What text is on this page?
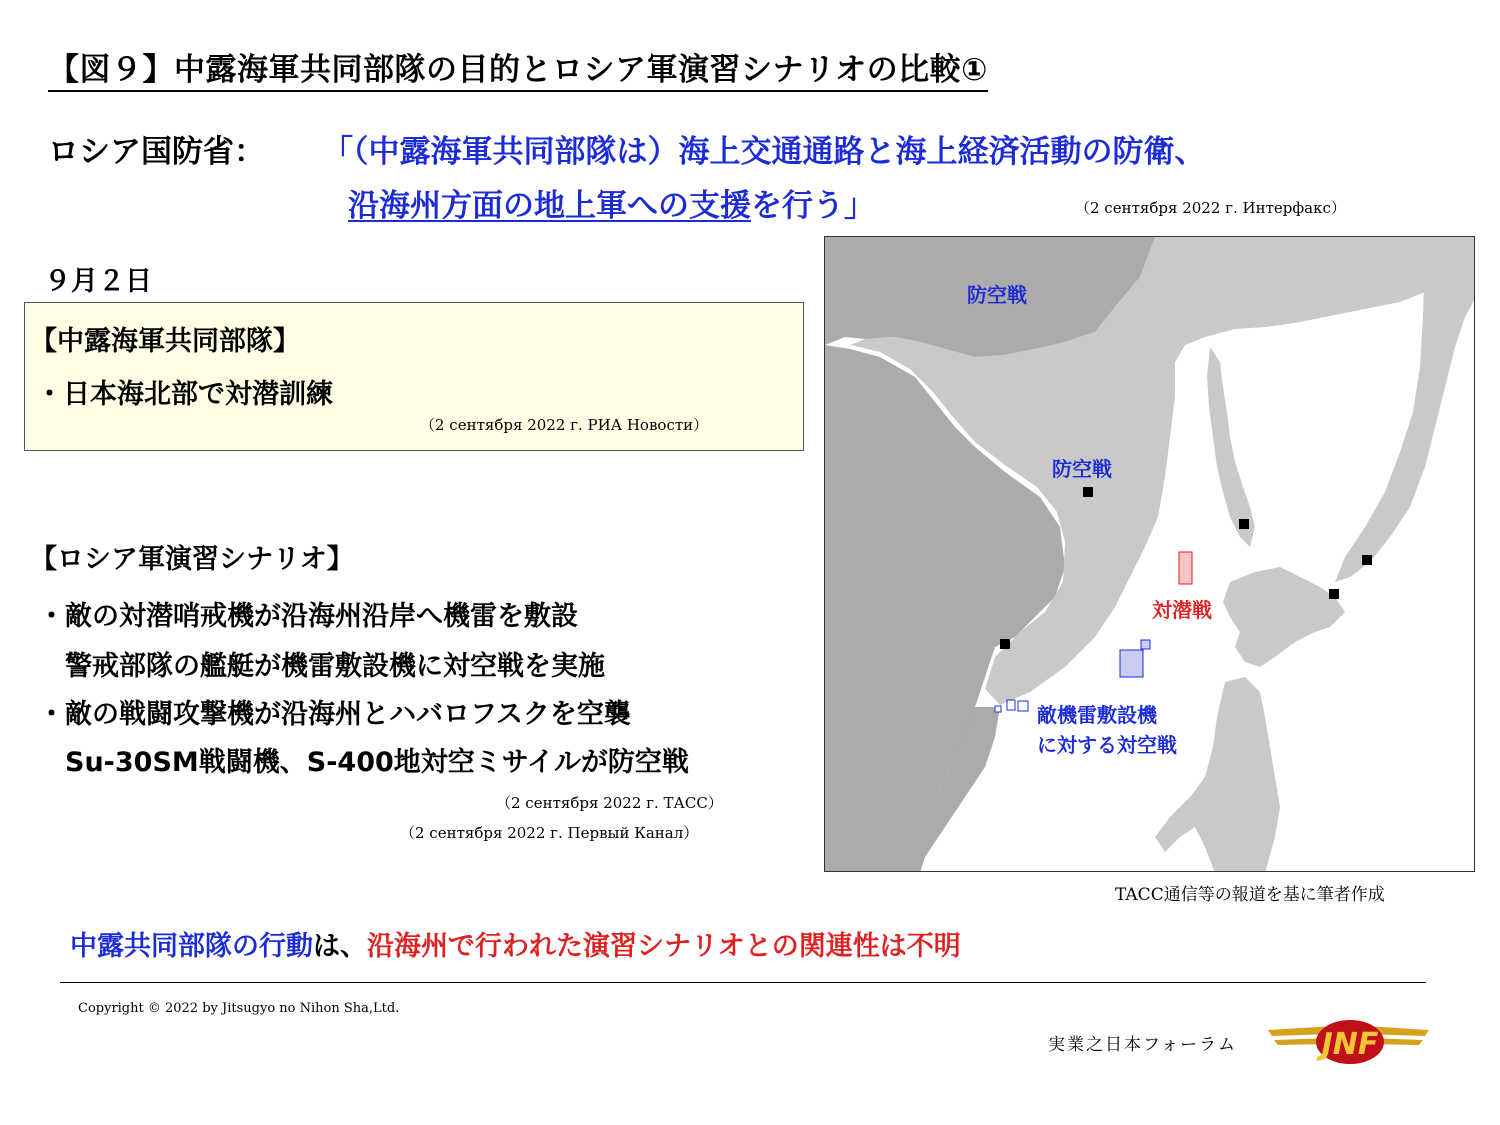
【図９】中露海軍共同部隊の目的とロシア軍演習シナリオの比較①
ロシア国防省： 「（中露海軍共同部隊は）海上交通通路と海上経済活動の防衛、
沿海州方面の地上軍への支援を行う」	（2 сентября 2022 г. Интерфакс）
９月２日
【中露海軍共同部隊】
・日本海北部で対潜訓練
（2 сентября 2022 г. РИА Новости）
【ロシア軍演習シナリオ】
・敵の対潜哨戒機が沿海州沿岸へ機雷を敷設
　警戒部隊の艦艇が機雷敷設機に対空戦を実施
・敵の戦闘攻撃機が沿海州とハバロフスクを空襲
　Su-30SM戦闘機、S-400地対空ミサイルが防空戦
（2 сентября 2022 г. ТАСС）
（2 сентября 2022 г. Первый Канал）
防空戦
防空戦
対潜戦
敵機雷敷設機
に対する対空戦
TACC通信等の報道を基に筆者作成
中露共同部隊の行動は、沿海州で行われた演習シナリオとの関連性は不明
Copyright © 2022 by Jitsugyo no Nihon Sha,Ltd.
実業之日本フォーラム	JNF
